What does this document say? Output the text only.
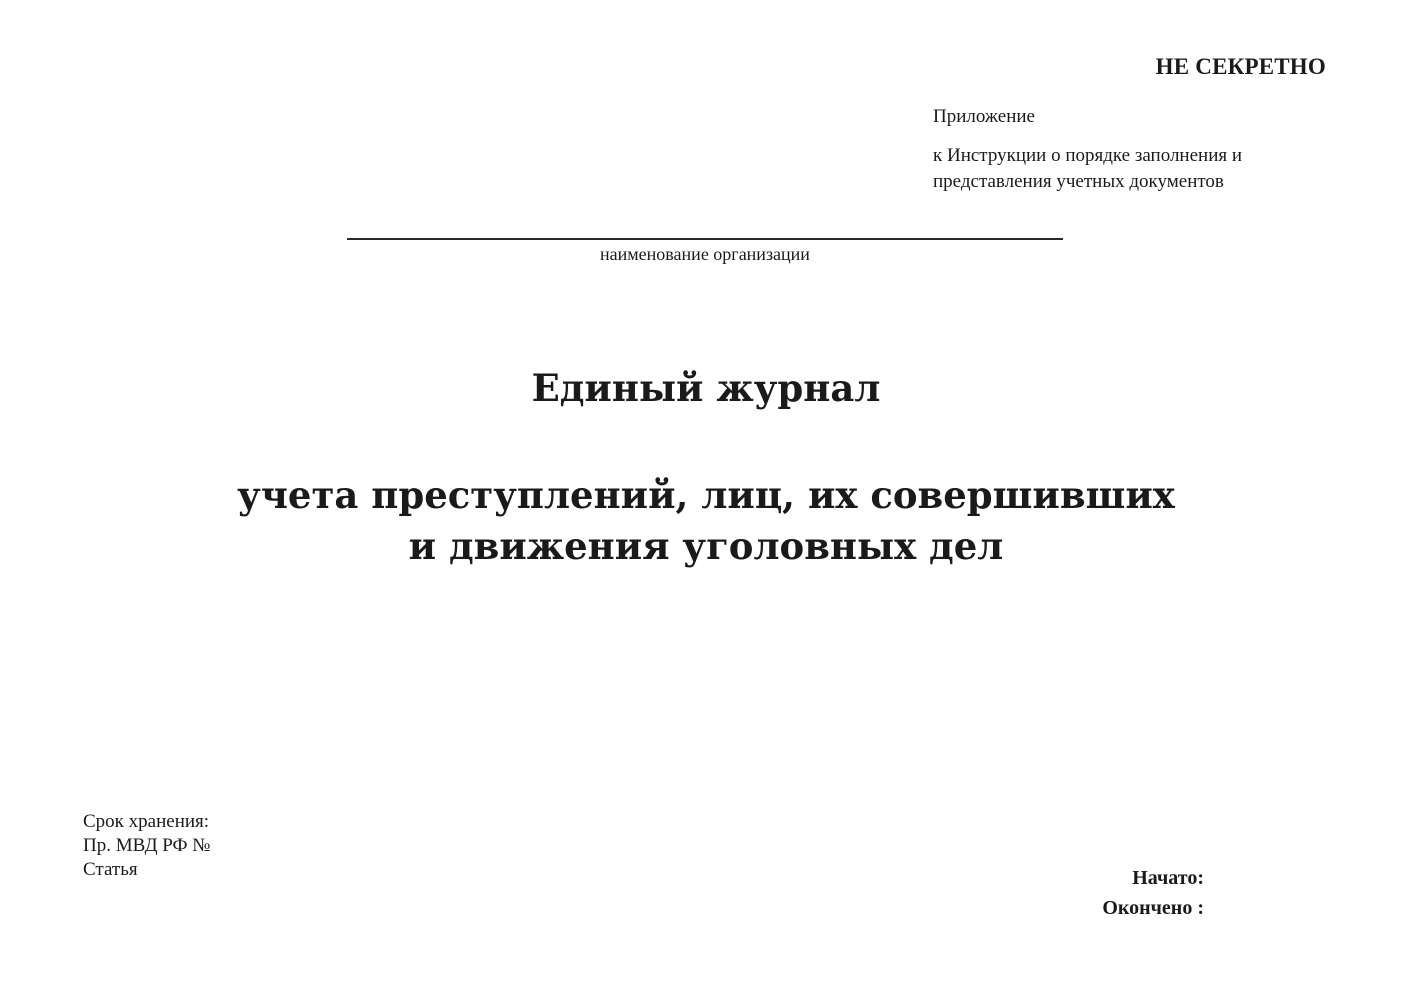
НЕ СЕКРЕТНО
Приложение
к Инструкции о порядке заполнения и представления учетных документов
наименование организации
Единый журнал
учета преступлений, лиц, их совершивших
и движения уголовных дел
Срок хранения:
Пр. МВД РФ №
Статья	Начато:
Окончено :
